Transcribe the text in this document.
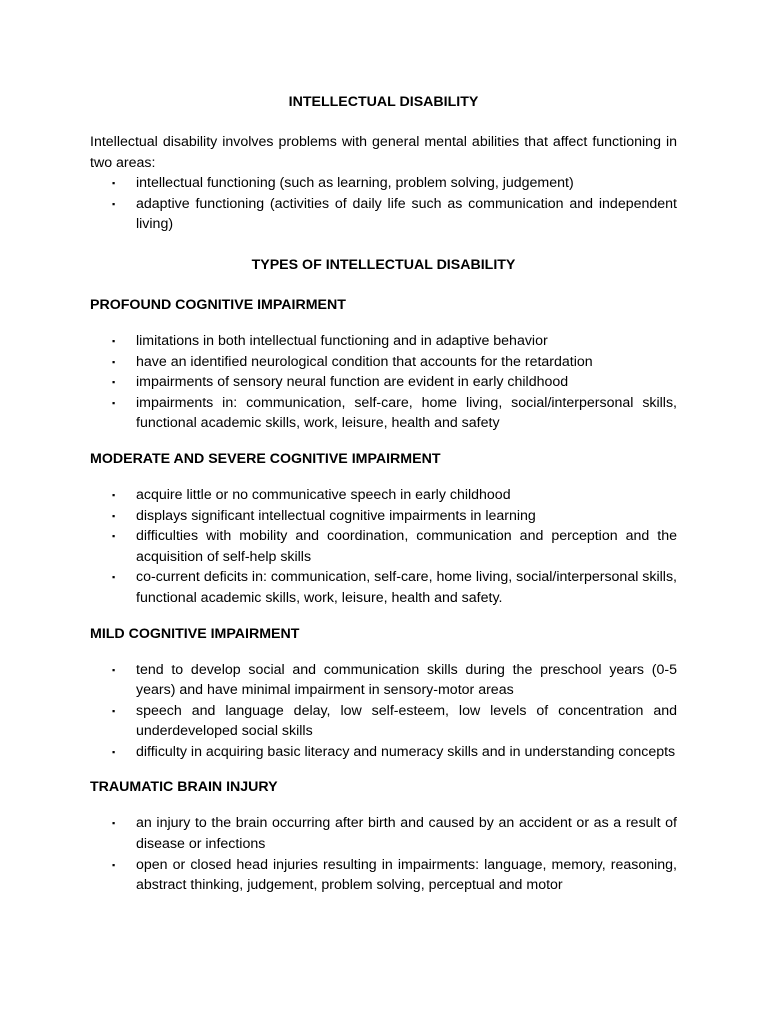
INTELLECTUAL DISABILITY

Intellectual disability involves problems with general mental abilities that affect functioning in two areas:

▪ intellectual functioning (such as learning, problem solving, judgement)
▪ adaptive functioning (activities of daily life such as communication and independent living)
TYPES OF INTELLECTUAL DISABILITY
PROFOUND COGNITIVE IMPAIRMENT
▪ limitations in both intellectual functioning and in adaptive behavior
▪ have an identified neurological condition that accounts for the retardation
▪ impairments of sensory neural function are evident in early childhood
▪ impairments in: communication, self-care, home living, social/interpersonal skills, functional academic skills, work, leisure, health and safety
MODERATE AND SEVERE COGNITIVE IMPAIRMENT
▪ acquire little or no communicative speech in early childhood
▪ displays significant intellectual cognitive impairments in learning
▪ difficulties with mobility and coordination, communication and perception and the acquisition of self-help skills
▪ co-current deficits in: communication, self-care, home living, social/interpersonal skills, functional academic skills, work, leisure, health and safety.
MILD COGNITIVE IMPAIRMENT
▪ tend to develop social and communication skills during the preschool years (0-5 years) and have minimal impairment in sensory-motor areas
▪ speech and language delay, low self-esteem, low levels of concentration and underdeveloped social skills
▪ difficulty in acquiring basic literacy and numeracy skills and in understanding concepts
TRAUMATIC BRAIN INJURY
▪ an injury to the brain occurring after birth and caused by an accident or as a result of disease or infections
▪ open or closed head injuries resulting in impairments: language, memory, reasoning, abstract thinking, judgement, problem solving, perceptual and motor
